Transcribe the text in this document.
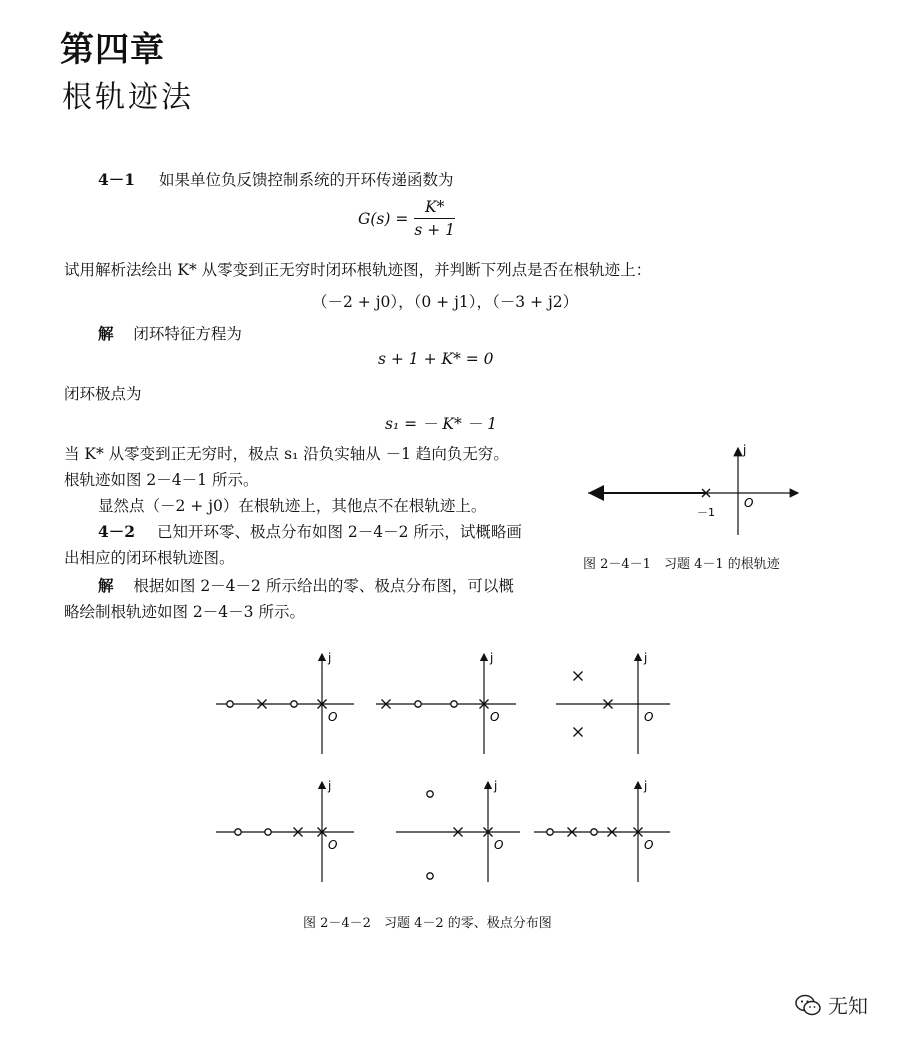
第四章
根轨迹法
4－1 如果单位负反馈控制系统的开环传递函数为
$G(s) = \frac{K*}{s + 1}$
试用解析法绘出 K* 从零变到正无穷时闭环根轨迹图，并判断下列点是否在根轨迹上：
（－2 + j0），（0 + j1），（－3 + j2）
解 闭环特征方程为
s + 1 + K* = 0
闭环极点为
s₁ = － K* － 1
当 K* 从零变到正无穷时，极点 s₁ 沿负实轴从 －1 趋向负无穷。
根轨迹如图 2－4－1 所示。
显然点（－2 + j0）在根轨迹上，其他点不在根轨迹上。
4－2 已知开环零、极点分布如图 2－4－2 所示，试概略画
出相应的闭环根轨迹图。
解 根据如图 2－4－2 所示给出的零、极点分布图，可以概
略绘制根轨迹如图 2－4－3 所示。
j
O
－1
图 2－4－1　习题 4－1 的根轨迹
j
O
j
O
j
O
j
O
j
O
j
O
图 2－4－2　习题 4－2 的零、极点分布图
无知
